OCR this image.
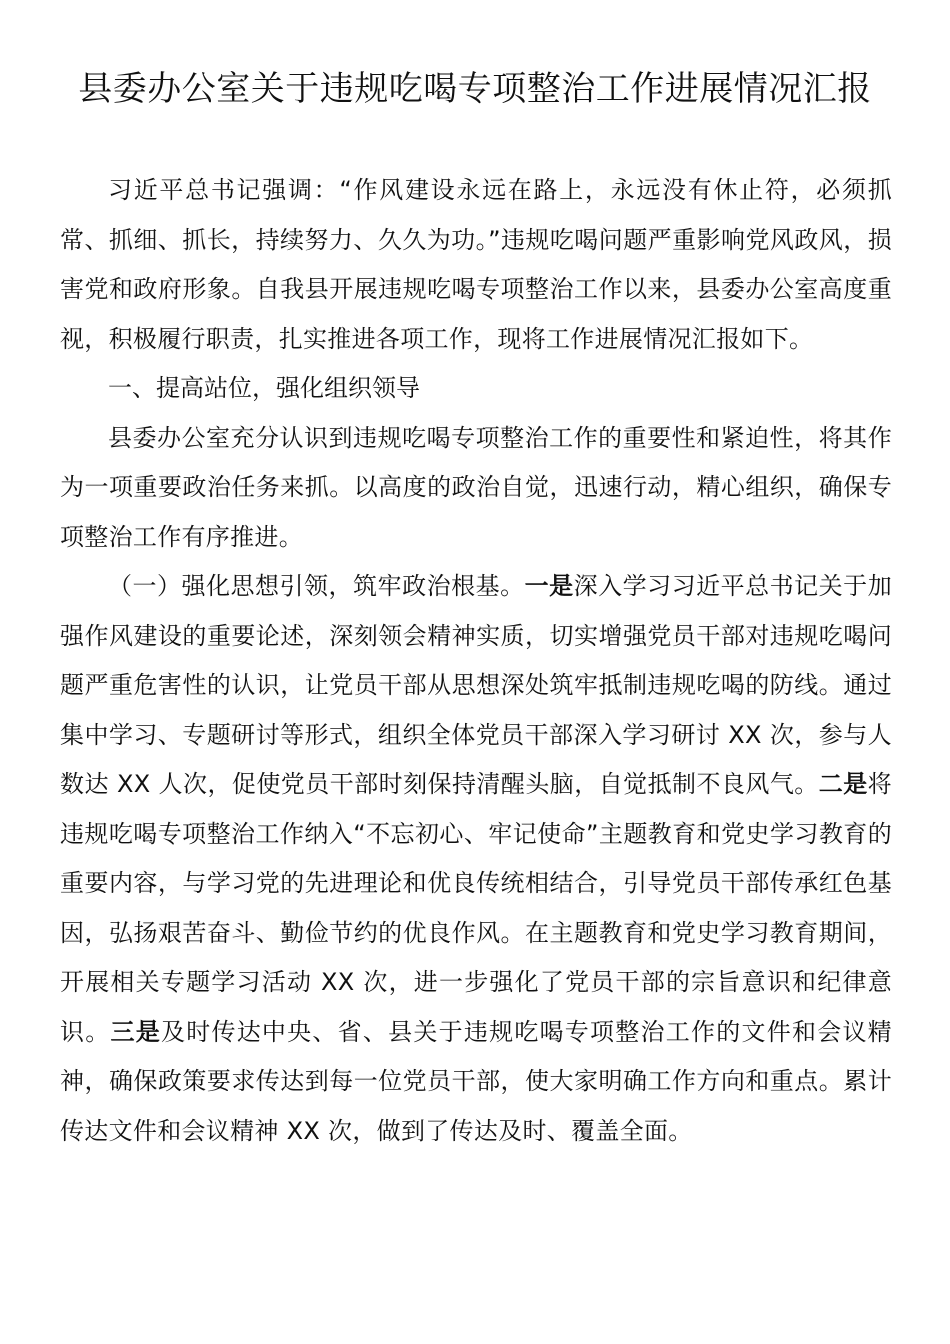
县委办公室关于违规吃喝专项整治工作进展情况汇报

习近平总书记强调：“作风建设永远在路上，永远没有休止符，必须抓常、抓细、抓长，持续努力、久久为功。”违规吃喝问题严重影响党风政风，损害党和政府形象。自我县开展违规吃喝专项整治工作以来，县委办公室高度重视，积极履行职责，扎实推进各项工作，现将工作进展情况汇报如下。

一、提高站位，强化组织领导

县委办公室充分认识到违规吃喝专项整治工作的重要性和紧迫性，将其作为一项重要政治任务来抓。以高度的政治自觉，迅速行动，精心组织，确保专项整治工作有序推进。

（一）强化思想引领，筑牢政治根基。一是深入学习习近平总书记关于加强作风建设的重要论述，深刻领会精神实质，切实增强党员干部对违规吃喝问题严重危害性的认识，让党员干部从思想深处筑牢抵制违规吃喝的防线。通过集中学习、专题研讨等形式，组织全体党员干部深入学习研讨 XX 次，参与人数达 XX 人次，促使党员干部时刻保持清醒头脑，自觉抵制不良风气。二是将违规吃喝专项整治工作纳入“不忘初心、牢记使命”主题教育和党史学习教育的重要内容，与学习党的先进理论和优良传统相结合，引导党员干部传承红色基因，弘扬艰苦奋斗、勤俭节约的优良作风。在主题教育和党史学习教育期间，开展相关专题学习活动 XX 次，进一步强化了党员干部的宗旨意识和纪律意识。三是及时传达中央、省、县关于违规吃喝专项整治工作的文件和会议精神，确保政策要求传达到每一位党员干部，使大家明确工作方向和重点。累计传达文件和会议精神 XX 次，做到了传达及时、覆盖全面。
